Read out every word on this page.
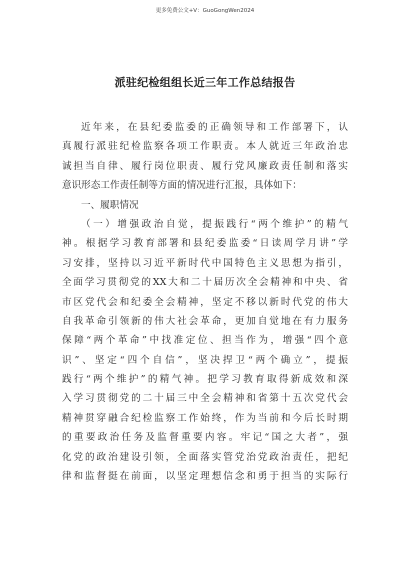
更多免费公文+V：GuoGongWen2024
派驻纪检组组长近三年工作总结报告
近年来，在县纪委监委的正确领导和工作部署下，认
真履行派驻纪检监察各项工作职责。本人就近三年政治忠
诚担当自律、履行岗位职责、履行党风廉政责任制和落实
意识形态工作责任制等方面的情况进行汇报，具体如下：
一、履职情况
（一）增强政治自觉，提振践行“两个维护”的精气
神。根据学习教育部署和县纪委监委“日读周学月讲”学
习安排，坚持以习近平新时代中国特色主义思想为指引，
全面学习贯彻党的XX大和二十届历次全会精神和中央、省
市区党代会和纪委全会精神，坚定不移以新时代党的伟大
自我革命引领新的伟大社会革命，更加自觉地在有力服务
保障“两个革命”中找准定位、担当作为，增强“四个意
识”、坚定“四个自信”，坚决捍卫“两个确立”，提振
践行“两个维护”的精气神。把学习教育取得新成效和深
入学习贯彻党的二十届三中全会精神和省第十五次党代会
精神贯穿融合纪检监察工作始终，作为当前和今后长时期
的重要政治任务及监督重要内容。牢记“国之大者”，强
化党的政治建设引领，全面落实管党治党政治责任，把纪
律和监督挺在前面，以坚定理想信念和勇于担当的实际行
